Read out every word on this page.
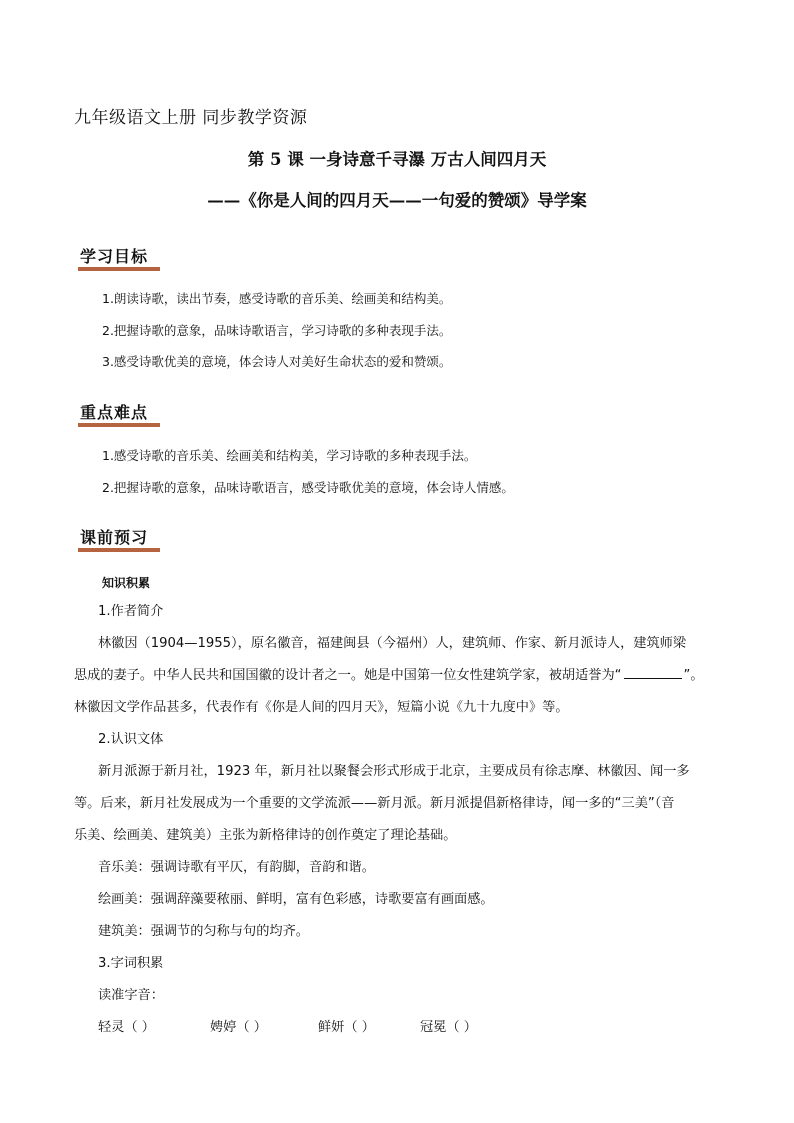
九年级语文上册 同步教学资源
第 5 课 一身诗意千寻瀑 万古人间四月天
——《你是人间的四月天——一句爱的赞颂》导学案
学习目标
1.朗读诗歌，读出节奏，感受诗歌的音乐美、绘画美和结构美。
2.把握诗歌的意象，品味诗歌语言，学习诗歌的多种表现手法。
3.感受诗歌优美的意境，体会诗人对美好生命状态的爱和赞颂。
重点难点
1.感受诗歌的音乐美、绘画美和结构美，学习诗歌的多种表现手法。
2.把握诗歌的意象，品味诗歌语言，感受诗歌优美的意境，体会诗人情感。
课前预习
知识积累
1.作者简介
林徽因（1904—1955），原名徽音，福建闽县（今福州）人，建筑师、作家、新月派诗人，建筑师梁
思成的妻子。中华人民共和国国徽的设计者之一。她是中国第一位女性建筑学家，被胡适誉为“	”。
林徽因文学作品甚多，代表作有《你是人间的四月天》，短篇小说《九十九度中》等。
2.认识文体
新月派源于新月社，1923 年，新月社以聚餐会形式形成于北京，主要成员有徐志摩、林徽因、闻一多
等。后来，新月社发展成为一个重要的文学流派——新月派。新月派提倡新格律诗，闻一多的“三美”（音
乐美、绘画美、建筑美）主张为新格律诗的创作奠定了理论基础。
音乐美：强调诗歌有平仄，有韵脚，音韵和谐。
绘画美：强调辞藻要秾丽、鲜明，富有色彩感，诗歌要富有画面感。
建筑美：强调节的匀称与句的均齐。
3.字词积累
读准字音：
轻灵（ ）	娉婷（ ）	鲜妍（ ）	冠冕（ ）
